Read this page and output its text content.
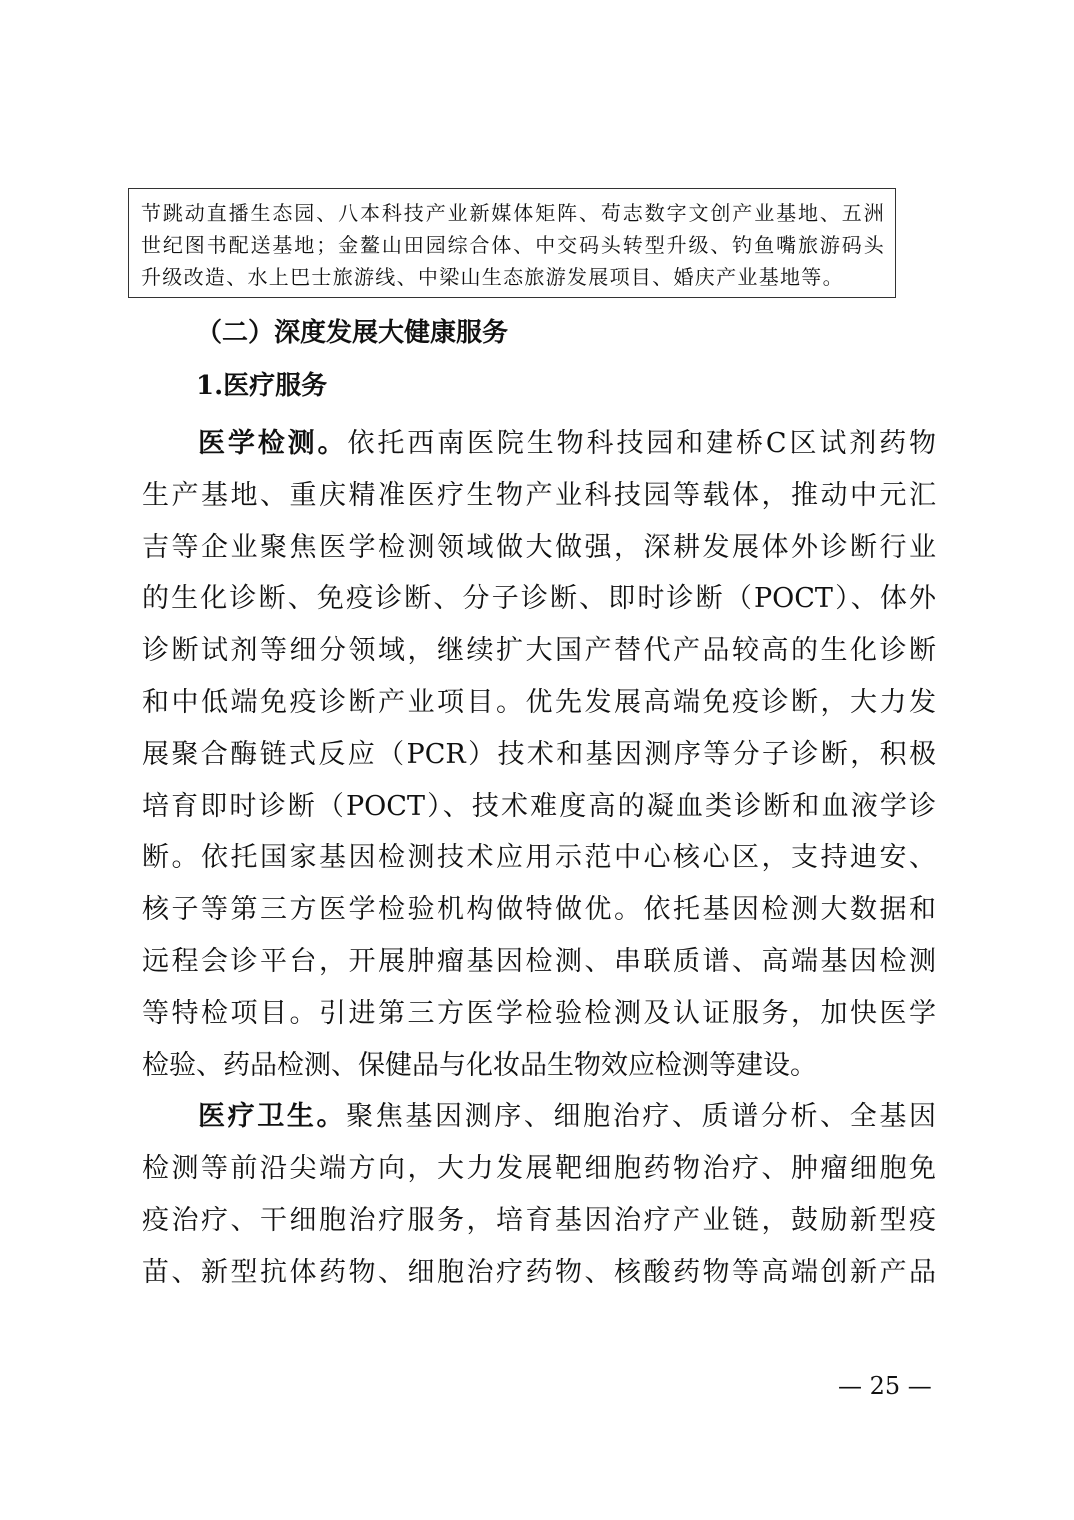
节跳动直播生态园、八本科技产业新媒体矩阵、苟志数字文创产业基地、五洲
世纪图书配送基地；金鳌山田园综合体、中交码头转型升级、钓鱼嘴旅游码头
升级改造、水上巴士旅游线、中梁山生态旅游发展项目、婚庆产业基地等。
（二）深度发展大健康服务
1.医疗服务
医学检测。依托西南医院生物科技园和建桥C区试剂药物
生产基地、重庆精准医疗生物产业科技园等载体，推动中元汇
吉等企业聚焦医学检测领域做大做强，深耕发展体外诊断行业
的生化诊断、免疫诊断、分子诊断、即时诊断（POCT）、体外
诊断试剂等细分领域，继续扩大国产替代产品较高的生化诊断
和中低端免疫诊断产业项目。优先发展高端免疫诊断，大力发
展聚合酶链式反应（PCR）技术和基因测序等分子诊断，积极
培育即时诊断（POCT）、技术难度高的凝血类诊断和血液学诊
断。依托国家基因检测技术应用示范中心核心区，支持迪安、
核子等第三方医学检验机构做特做优。依托基因检测大数据和
远程会诊平台，开展肿瘤基因检测、串联质谱、高端基因检测
等特检项目。引进第三方医学检验检测及认证服务，加快医学
检验、药品检测、保健品与化妆品生物效应检测等建设。
医疗卫生。聚焦基因测序、细胞治疗、质谱分析、全基因
检测等前沿尖端方向，大力发展靶细胞药物治疗、肿瘤细胞免
疫治疗、干细胞治疗服务，培育基因治疗产业链，鼓励新型疫
苗、新型抗体药物、细胞治疗药物、核酸药物等高端创新产品
— 25 —
